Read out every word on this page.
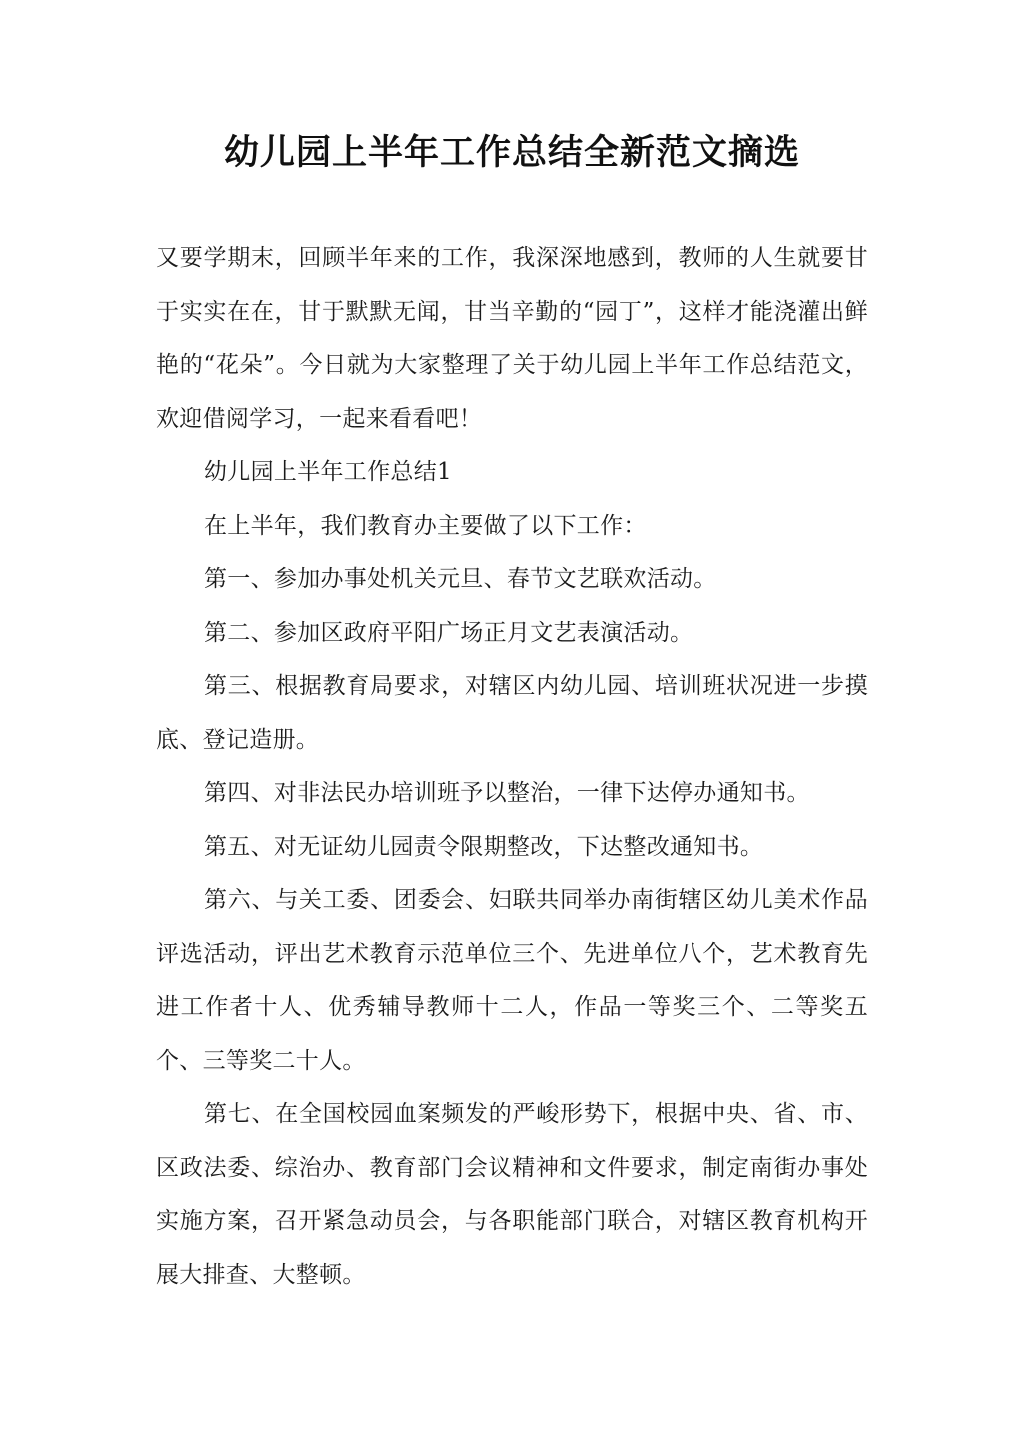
幼儿园上半年工作总结全新范文摘选

又要学期末，回顾半年来的工作，我深深地感到，教师的人生就要甘于实实在在，甘于默默无闻，甘当辛勤的“园丁”，这样才能浇灌出鲜艳的“花朵”。今日就为大家整理了关于幼儿园上半年工作总结范文，欢迎借阅学习，一起来看看吧！

幼儿园上半年工作总结1

在上半年，我们教育办主要做了以下工作：

第一、参加办事处机关元旦、春节文艺联欢活动。

第二、参加区政府平阳广场正月文艺表演活动。

第三、根据教育局要求，对辖区内幼儿园、培训班状况进一步摸底、登记造册。

第四、对非法民办培训班予以整治，一律下达停办通知书。

第五、对无证幼儿园责令限期整改，下达整改通知书。

第六、与关工委、团委会、妇联共同举办南街辖区幼儿美术作品评选活动，评出艺术教育示范单位三个、先进单位八个，艺术教育先进工作者十人、优秀辅导教师十二人，作品一等奖三个、二等奖五个、三等奖二十人。

第七、在全国校园血案频发的严峻形势下，根据中央、省、市、区政法委、综治办、教育部门会议精神和文件要求，制定南街办事处实施方案，召开紧急动员会，与各职能部门联合，对辖区教育机构开展大排查、大整顿。
